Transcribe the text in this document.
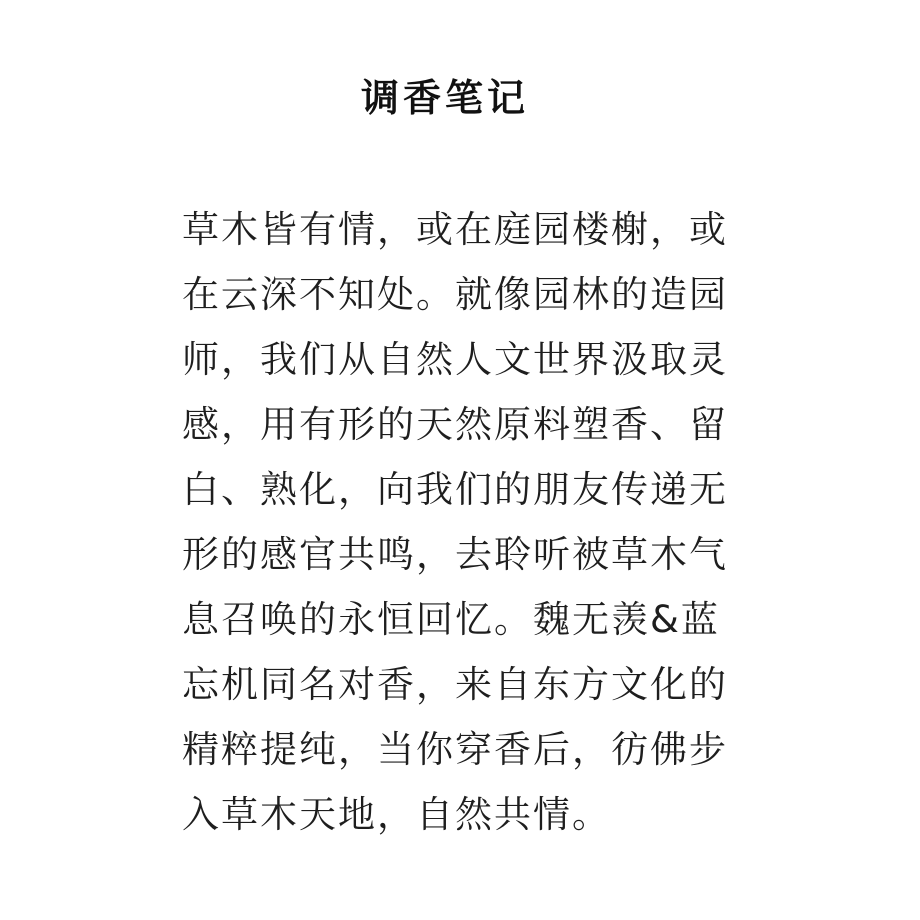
调香笔记
草木皆有情，或在庭园楼榭，或
在云深不知处。就像园林的造园
师，我们从自然人文世界汲取灵
感，用有形的天然原料塑香、留
白、熟化，向我们的朋友传递无
形的感官共鸣，去聆听被草木气
息召唤的永恒回忆。魏无羡&蓝
忘机同名对香，来自东方文化的
精粹提纯，当你穿香后，彷佛步
入草木天地，自然共情。
